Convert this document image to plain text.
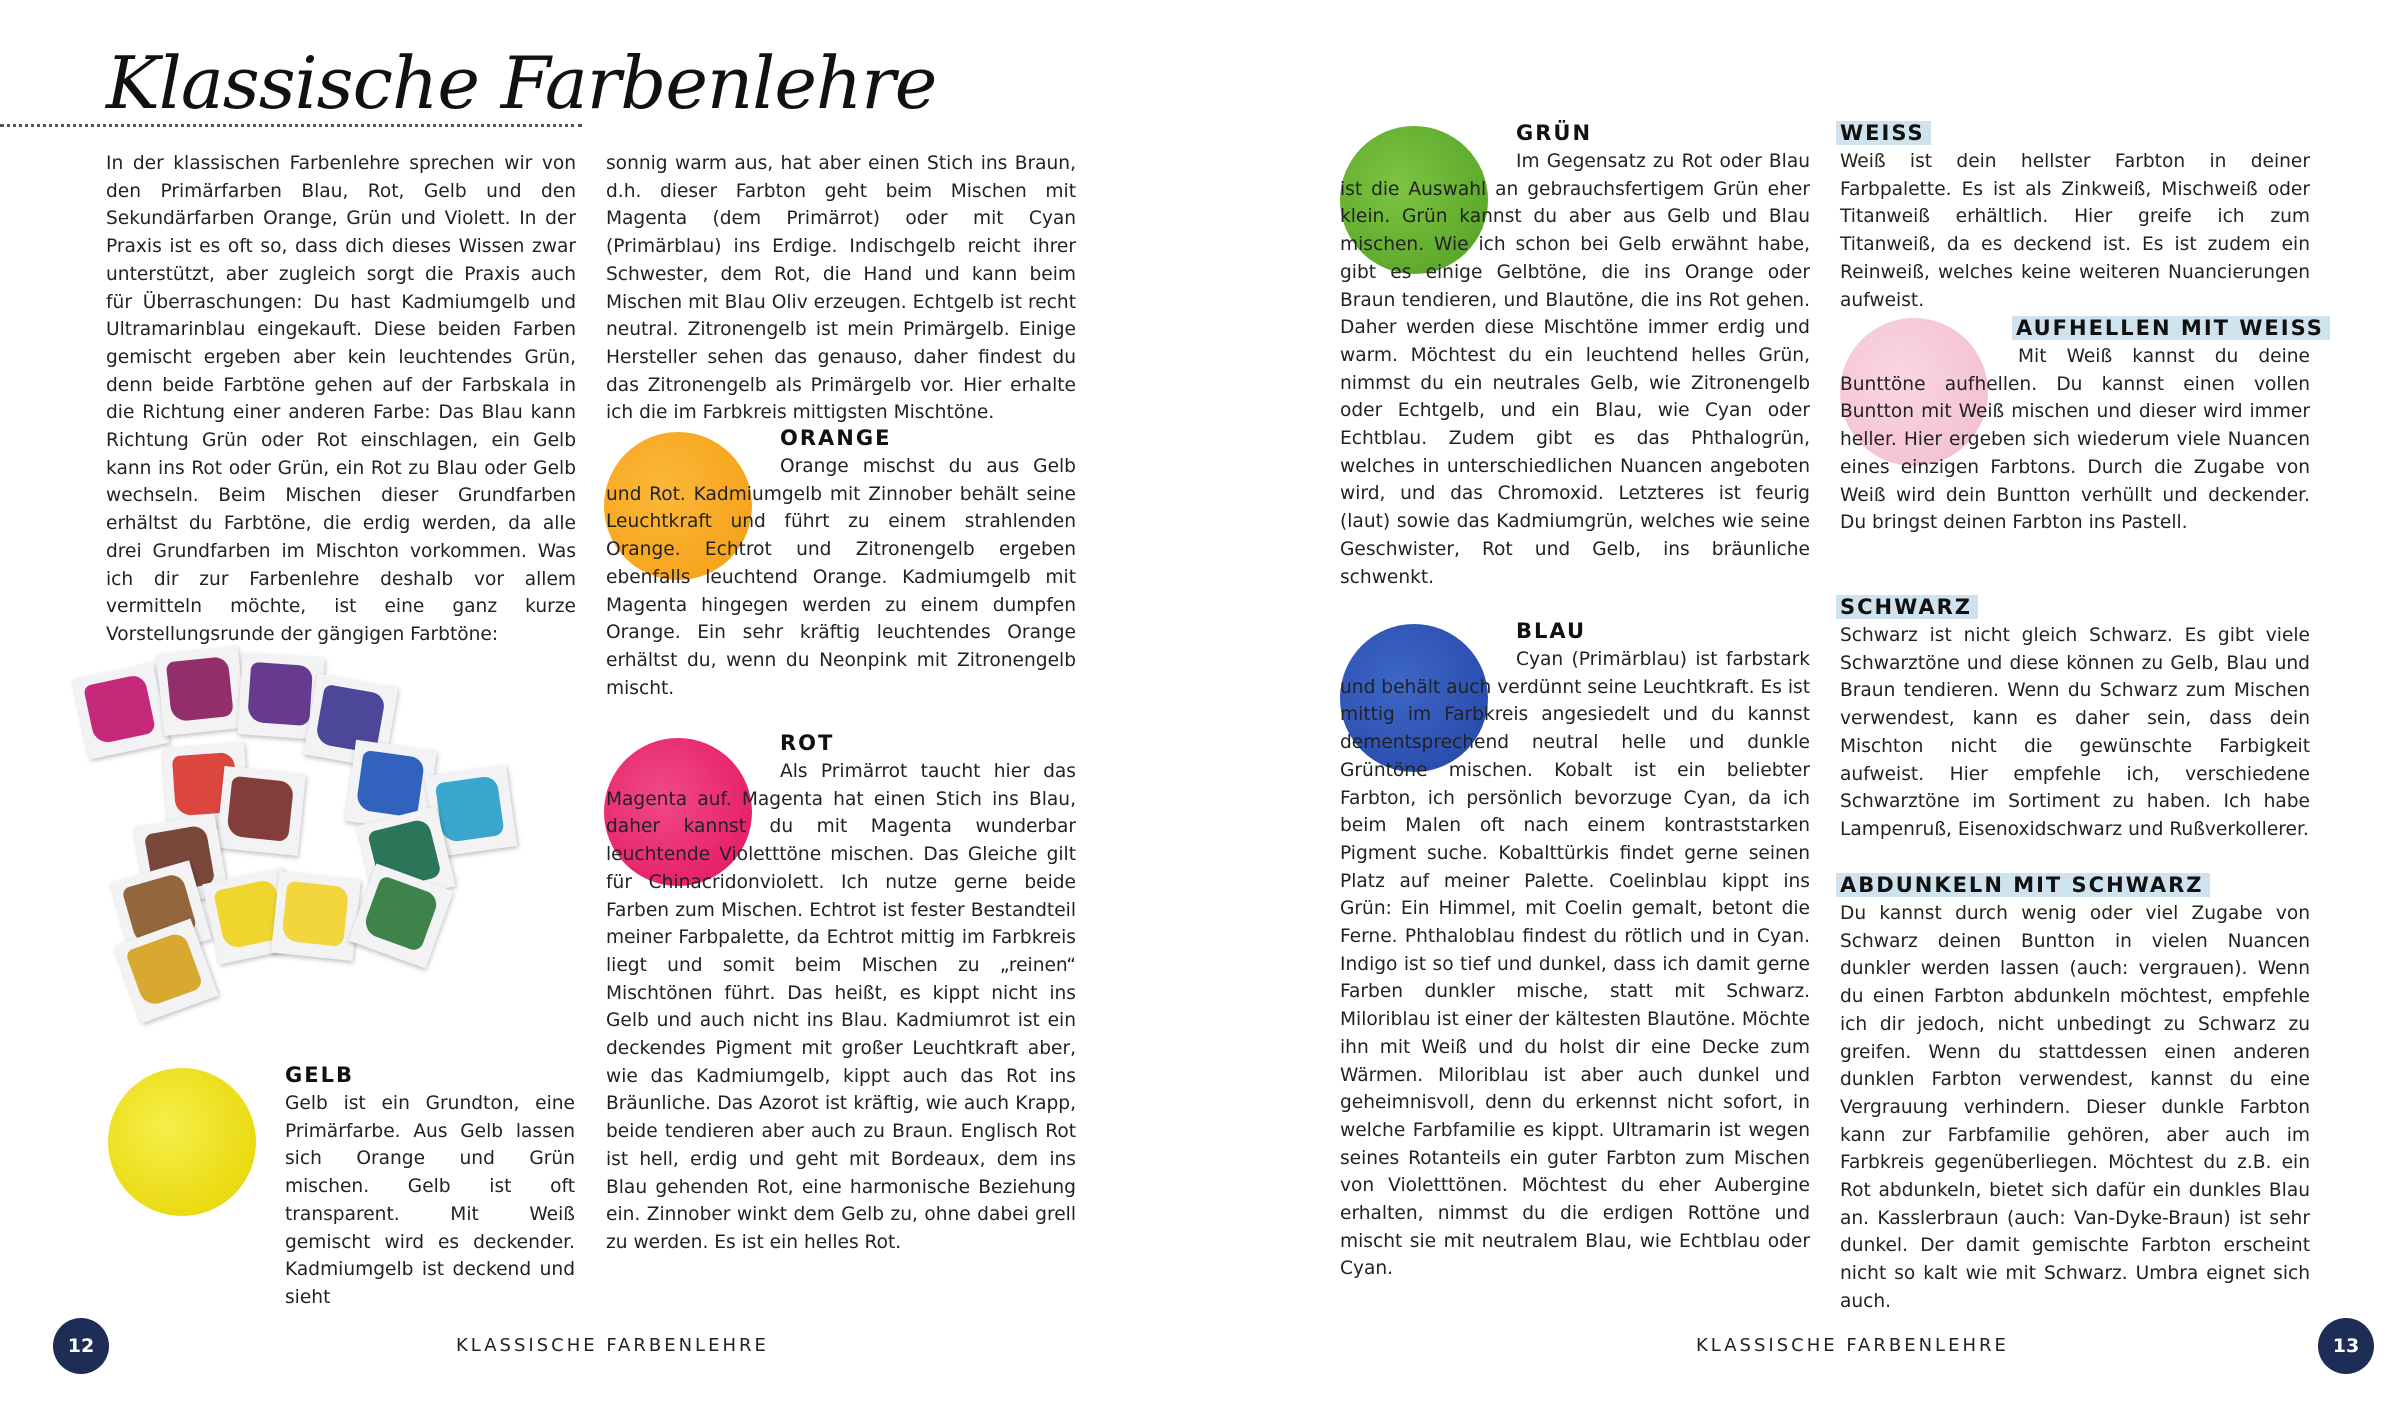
Klassische Farbenlehre

In der klassischen Farbenlehre sprechen wir von den Primärfarben Blau, Rot, Gelb und den Sekundärfarben Orange, Grün und Violett. In der Praxis ist es oft so, dass dich dieses Wissen zwar unterstützt, aber zugleich sorgt die Praxis auch für Überraschungen: Du hast Kadmiumgelb und Ultramarinblau eingekauft. Diese beiden Farben gemischt ergeben aber kein leuchtendes Grün, denn beide Farbtöne gehen auf der Farbskala in die Richtung einer anderen Farbe: Das Blau kann Richtung Grün oder Rot einschlagen, ein Gelb kann ins Rot oder Grün, ein Rot zu Blau oder Gelb wechseln. Beim Mischen dieser Grundfarben erhältst du Farbtöne, die erdig werden, da alle drei Grundfarben im Mischton vorkommen. Was ich dir zur Farbenlehre deshalb vor allem vermitteln möchte, ist eine ganz kurze Vorstellungsrunde der gängigen Farbtöne:

GELB

Gelb ist ein Grundton, eine Primärfarbe. Aus Gelb lassen sich Orange und Grün mischen. Gelb ist oft transparent. Mit Weiß gemischt wird es deckender. Kadmiumgelb ist deckend und sieht

sonnig warm aus, hat aber einen Stich ins Braun, d.h. dieser Farbton geht beim Mischen mit Magenta (dem Primärrot) oder mit Cyan (Primärblau) ins Erdige. Indischgelb reicht ihrer Schwester, dem Rot, die Hand und kann beim Mischen mit Blau Oliv erzeugen. Echtgelb ist recht neutral. Zitronengelb ist mein Primärgelb. Einige Hersteller sehen das genauso, daher findest du das Zitronengelb als Primärgelb vor. Hier erhalte ich die im Farbkreis mittigsten Mischtöne.

ORANGE

Orange mischst du aus Gelb und Rot. Kadmiumgelb mit Zinnober behält seine Leuchtkraft und führt zu einem strahlenden Orange. Echtrot und Zitronengelb ergeben ebenfalls leuchtend Orange. Kadmiumgelb mit Magenta hingegen werden zu einem dumpfen Orange. Ein sehr kräftig leuchtendes Orange erhältst du, wenn du Neonpink mit Zitronengelb mischt.

ROT

Als Primärrot taucht hier das Magenta auf. Magenta hat einen Stich ins Blau, daher kannst du mit Magenta wunderbar leuchtende Violetttöne mischen. Das Gleiche gilt für Chinacridonviolett. Ich nutze gerne beide Farben zum Mischen. Echtrot ist fester Bestandteil meiner Farbpalette, da Echtrot mittig im Farbkreis liegt und somit beim Mischen zu „reinen“ Mischtönen führt. Das heißt, es kippt nicht ins Gelb und auch nicht ins Blau. Kadmiumrot ist ein deckendes Pigment mit großer Leuchtkraft aber, wie das Kadmiumgelb, kippt auch das Rot ins Bräunliche. Das Azorot ist kräftig, wie auch Krapp, beide tendieren aber auch zu Braun. Englisch Rot ist hell, erdig und geht mit Bordeaux, dem ins Blau gehenden Rot, eine harmonische Beziehung ein. Zinnober winkt dem Gelb zu, ohne dabei grell zu werden. Es ist ein helles Rot.

12	KLASSISCHE FARBENLEHRE
GRÜN

Im Gegensatz zu Rot oder Blau ist die Auswahl an gebrauchsfertigem Grün eher klein. Grün kannst du aber aus Gelb und Blau mischen. Wie ich schon bei Gelb erwähnt habe, gibt es einige Gelbtöne, die ins Orange oder Braun tendieren, und Blautöne, die ins Rot gehen. Daher werden diese Mischtöne immer erdig und warm. Möchtest du ein leuchtend helles Grün, nimmst du ein neutrales Gelb, wie Zitronengelb oder Echtgelb, und ein Blau, wie Cyan oder Echtblau. Zudem gibt es das Phthalogrün, welches in unterschiedlichen Nuancen angeboten wird, und das Chromoxid. Letzteres ist feurig (laut) sowie das Kadmiumgrün, welches wie seine Geschwister, Rot und Gelb, ins bräunliche schwenkt.

BLAU

Cyan (Primärblau) ist farbstark und behält auch verdünnt seine Leuchtkraft. Es ist mittig im Farbkreis angesiedelt und du kannst dementsprechend neutral helle und dunkle Grüntöne mischen. Kobalt ist ein beliebter Farbton, ich persönlich bevorzuge Cyan, da ich beim Malen oft nach einem kontraststarken Pigment suche. Kobalttürkis findet gerne seinen Platz auf meiner Palette. Coelinblau kippt ins Grün: Ein Himmel, mit Coelin gemalt, betont die Ferne. Phthaloblau findest du rötlich und in Cyan. Indigo ist so tief und dunkel, dass ich damit gerne Farben dunkler mische, statt mit Schwarz. Miloriblau ist einer der kältesten Blautöne. Möchte ihn mit Weiß und du holst dir eine Decke zum Wärmen. Miloriblau ist aber auch dunkel und geheimnisvoll, denn du erkennst nicht sofort, in welche Farbfamilie es kippt. Ultramarin ist wegen seines Rotanteils ein guter Farbton zum Mischen von Violetttönen. Möchtest du eher Aubergine erhalten, nimmst du die erdigen Rottöne und mischt sie mit neutralem Blau, wie Echtblau oder Cyan.

WEISS

Weiß ist dein hellster Farbton in deiner Farbpalette. Es ist als Zinkweiß, Mischweiß oder Titanweiß erhältlich. Hier greife ich zum Titanweiß, da es deckend ist. Es ist zudem ein Reinweiß, welches keine weiteren Nuancierungen aufweist.

AUFHELLEN MIT WEISS

Mit Weiß kannst du deine Bunttöne aufhellen. Du kannst einen vollen Buntton mit Weiß mischen und dieser wird immer heller. Hier ergeben sich wiederum viele Nuancen eines einzigen Farbtons. Durch die Zugabe von Weiß wird dein Buntton verhüllt und deckender. Du bringst deinen Farbton ins Pastell.

SCHWARZ

Schwarz ist nicht gleich Schwarz. Es gibt viele Schwarztöne und diese können zu Gelb, Blau und Braun tendieren. Wenn du Schwarz zum Mischen verwendest, kann es daher sein, dass dein Mischton nicht die gewünschte Farbigkeit aufweist. Hier empfehle ich, verschiedene Schwarztöne im Sortiment zu haben. Ich habe Lampenruß, Eisenoxidschwarz und Rußverkollerer.

ABDUNKELN MIT SCHWARZ

Du kannst durch wenig oder viel Zugabe von Schwarz deinen Buntton in vielen Nuancen dunkler werden lassen (auch: vergrauen). Wenn du einen Farbton abdunkeln möchtest, empfehle ich dir jedoch, nicht unbedingt zu Schwarz zu greifen. Wenn du stattdessen einen anderen dunklen Farbton verwendest, kannst du eine Vergrauung verhindern. Dieser dunkle Farbton kann zur Farbfamilie gehören, aber auch im Farbkreis gegenüberliegen. Möchtest du z.B. ein Rot abdunkeln, bietet sich dafür ein dunkles Blau an. Kasslerbraun (auch: Van-Dyke-Braun) ist sehr dunkel. Der damit gemischte Farbton erscheint nicht so kalt wie mit Schwarz. Umbra eignet sich auch.

KLASSISCHE FARBENLEHRE	13
